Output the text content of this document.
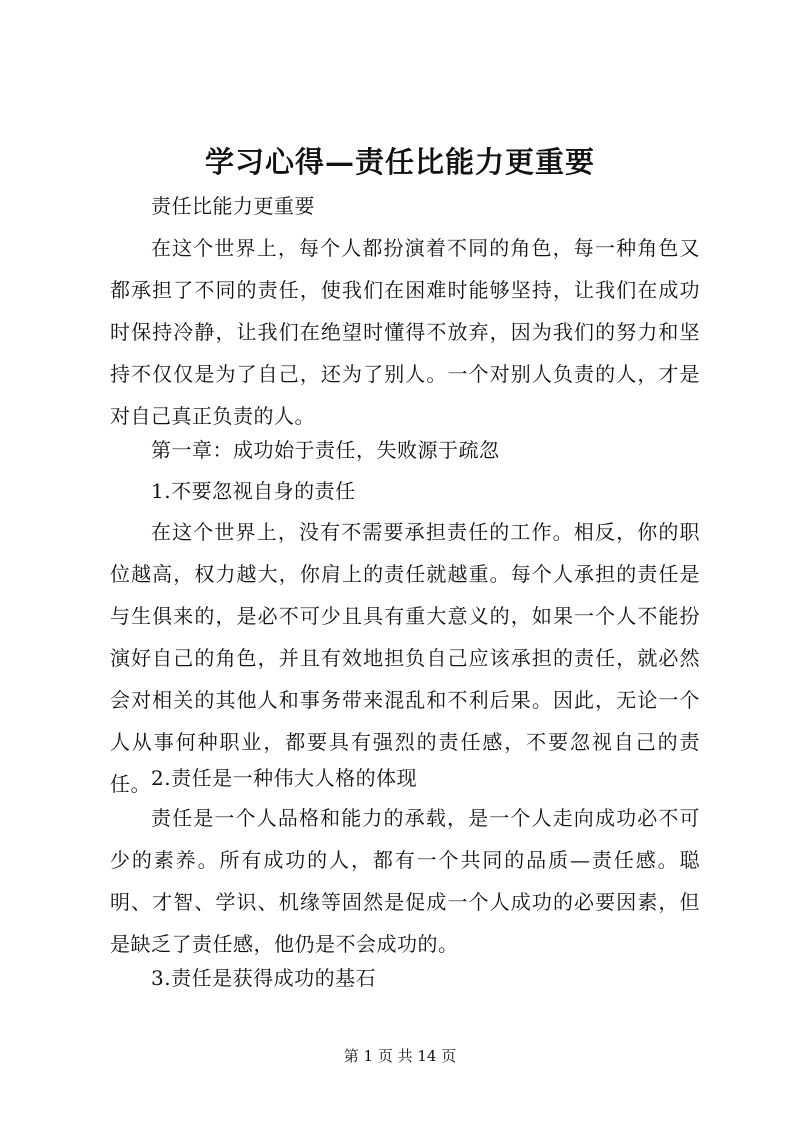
学习心得—责任比能力更重要
责任比能力更重要
在这个世界上，每个人都扮演着不同的角色，每一种角色又都承担了不同的责任，使我们在困难时能够坚持，让我们在成功时保持冷静，让我们在绝望时懂得不放弃，因为我们的努力和坚持不仅仅是为了自己，还为了别人。一个对别人负责的人，才是对自己真正负责的人。
第一章：成功始于责任，失败源于疏忽
1.不要忽视自身的责任
在这个世界上，没有不需要承担责任的工作。相反，你的职位越高，权力越大，你肩上的责任就越重。每个人承担的责任是与生俱来的，是必不可少且具有重大意义的，如果一个人不能扮演好自己的角色，并且有效地担负自己应该承担的责任，就必然会对相关的其他人和事务带来混乱和不利后果。因此，无论一个人从事何种职业，都要具有强烈的责任感，不要忽视自己的责任。 2.责任是一种伟大人格的体现
责任是一个人品格和能力的承载，是一个人走向成功必不可少的素养。所有成功的人，都有一个共同的品质—责任感。聪明、才智、学识、机缘等固然是促成一个人成功的必要因素，但是缺乏了责任感，他仍是不会成功的。
3.责任是获得成功的基石
第 1 页 共 14 页
